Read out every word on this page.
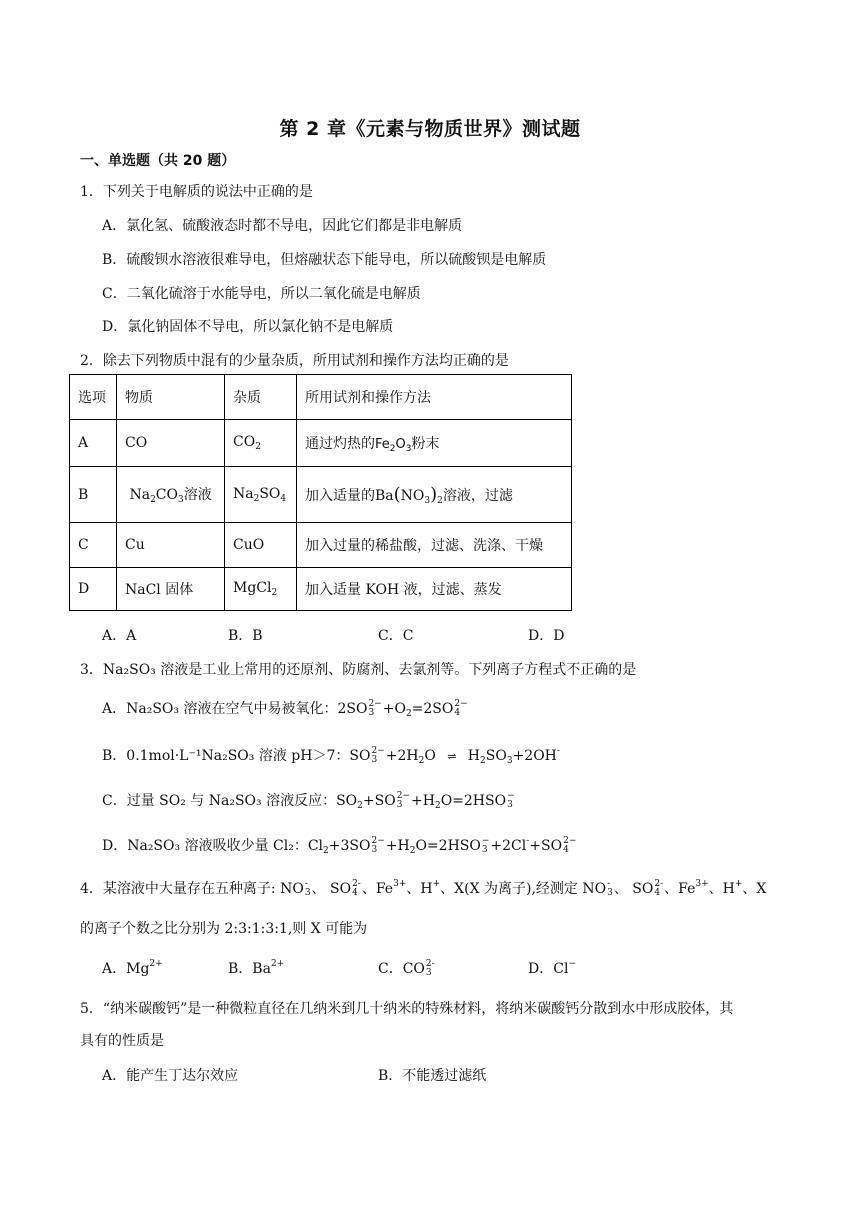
第 2 章《元素与物质世界》测试题
一、单选题（共 20 题）
1．下列关于电解质的说法中正确的是
A．氯化氢、硫酸液态时都不导电，因此它们都是非电解质
B．硫酸钡水溶液很难导电，但熔融状态下能导电，所以硫酸钡是电解质
C．二氧化硫溶于水能导电，所以二氧化硫是电解质
D．氯化钠固体不导电，所以氯化钠不是电解质
2．除去下列物质中混有的少量杂质，所用试剂和操作方法均正确的是
选项	物质	杂质	所用试剂和操作方法
A	CO	$CO_2$	通过灼热的$Fe_2O_3$粉末
B	$Na_2CO_3$溶液	$Na_2SO_4$	加入适量的$Ba(NO_3)_2$溶液，过滤
C	Cu	CuO	加入过量的稀盐酸，过滤、洗涤、干燥
D	NaCl 固体	MgCl$_2$	加入适量 KOH 液，过滤、蒸发
A．A	B．B	C．C	D．D
3．Na₂SO₃ 溶液是工业上常用的还原剂、防腐剂、去氯剂等。下列离子方程式不正确的是
A．Na₂SO₃ 溶液在空气中易被氧化：2SO 2−
$3 +O_2=2SO$ 2−
4
B．0.1mol·L⁻¹Na₂SO₃ 溶液 pH＞7：SO 2−
$3 +2H_2O$ ⇌ $H_2SO_3+2OH^-$
C．过量 SO₂ 与 Na₂SO₃ 溶液反应：$SO_2+SO$ 2−
$3 +H_2O=2HSO$ −
3
D．Na₂SO₃ 溶液吸收少量 Cl₂：$Cl_2+3SO$ 2−
$3 +H_2O=2HSO$ −
3 +2Cl-+SO 2−
4
4．某溶液中大量存在五种离子: NO -
3 、 SO 2-
4 、$Fe^{3+}$、H+、X(X 为离子),经测定 NO -
3 、 SO 2-
4 、$Fe^{3+}$、H+、X
的离子个数之比分别为 2:3:1:3:1,则 X 可能为
A．$Mg^{2+}$	B．$Ba^{2+}$	C．CO 2-
3	D．Cl−
5．“纳米碳酸钙”是一种微粒直径在几纳米到几十纳米的特殊材料，将纳米碳酸钙分散到水中形成胶体，其
具有的性质是
A．能产生丁达尔效应	B．不能透过滤纸
